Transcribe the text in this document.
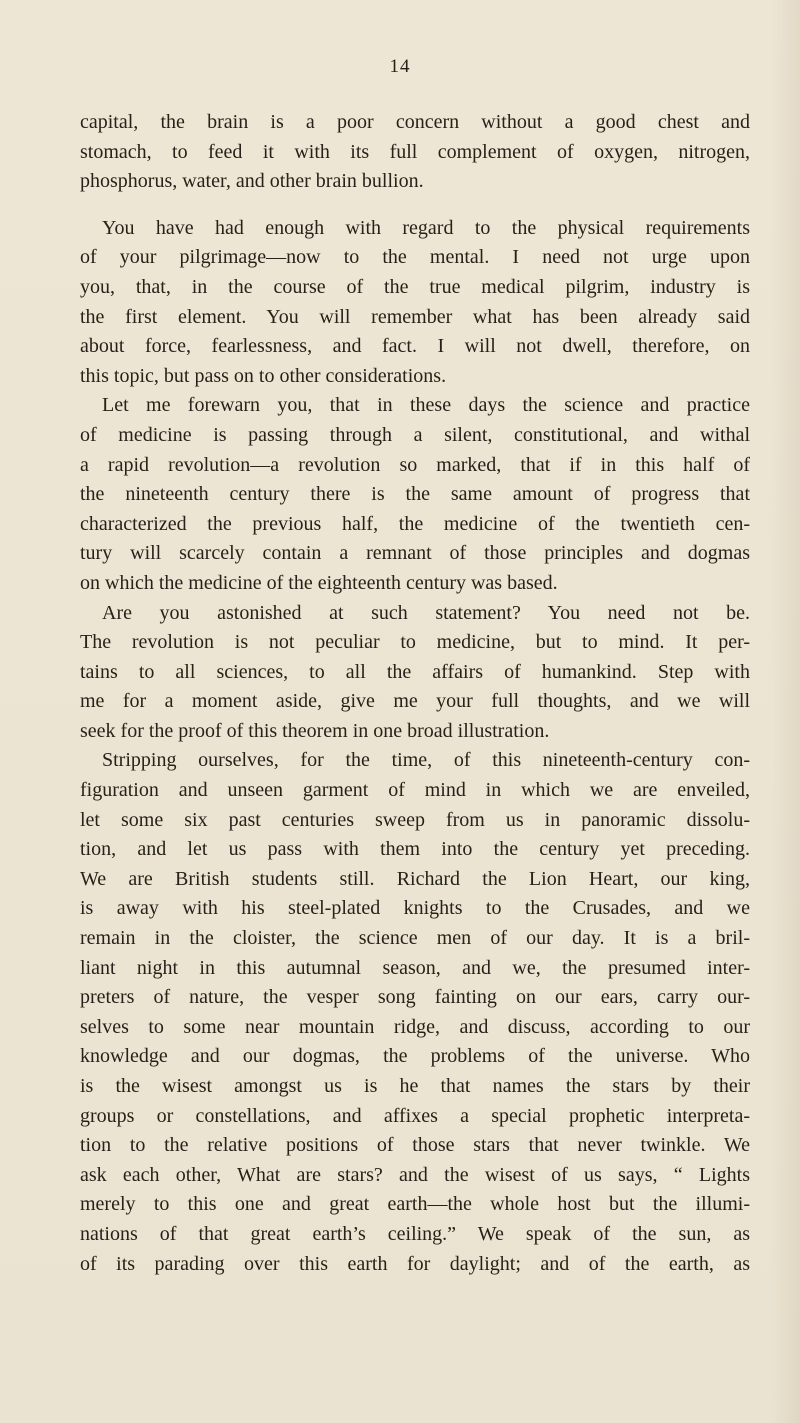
14
capital, the brain is a poor concern without a good chest and
stomach, to feed it with its full complement of oxygen, nitrogen,
phosphorus, water, and other brain bullion.
You have had enough with regard to the physical requirements
of your pilgrimage—now to the mental. I need not urge upon
you, that, in the course of the true medical pilgrim, industry is
the first element. You will remember what has been already said
about force, fearlessness, and fact. I will not dwell, therefore, on
this topic, but pass on to other considerations.
Let me forewarn you, that in these days the science and practice
of medicine is passing through a silent, constitutional, and withal
a rapid revolution—a revolution so marked, that if in this half of
the nineteenth century there is the same amount of progress that
characterized the previous half, the medicine of the twentieth cen-
tury will scarcely contain a remnant of those principles and dogmas
on which the medicine of the eighteenth century was based.
Are you astonished at such statement? You need not be.
The revolution is not peculiar to medicine, but to mind. It per-
tains to all sciences, to all the affairs of humankind. Step with
me for a moment aside, give me your full thoughts, and we will
seek for the proof of this theorem in one broad illustration.
Stripping ourselves, for the time, of this nineteenth-century con-
figuration and unseen garment of mind in which we are enveiled,
let some six past centuries sweep from us in panoramic dissolu-
tion, and let us pass with them into the century yet preceding.
We are British students still. Richard the Lion Heart, our king,
is away with his steel-plated knights to the Crusades, and we
remain in the cloister, the science men of our day. It is a bril-
liant night in this autumnal season, and we, the presumed inter-
preters of nature, the vesper song fainting on our ears, carry our-
selves to some near mountain ridge, and discuss, according to our
knowledge and our dogmas, the problems of the universe. Who
is the wisest amongst us is he that names the stars by their
groups or constellations, and affixes a special prophetic interpreta-
tion to the relative positions of those stars that never twinkle. We
ask each other, What are stars? and the wisest of us says, “ Lights
merely to this one and great earth—the whole host but the illumi-
nations of that great earth’s ceiling.” We speak of the sun, as
of its parading over this earth for daylight; and of the earth, as
